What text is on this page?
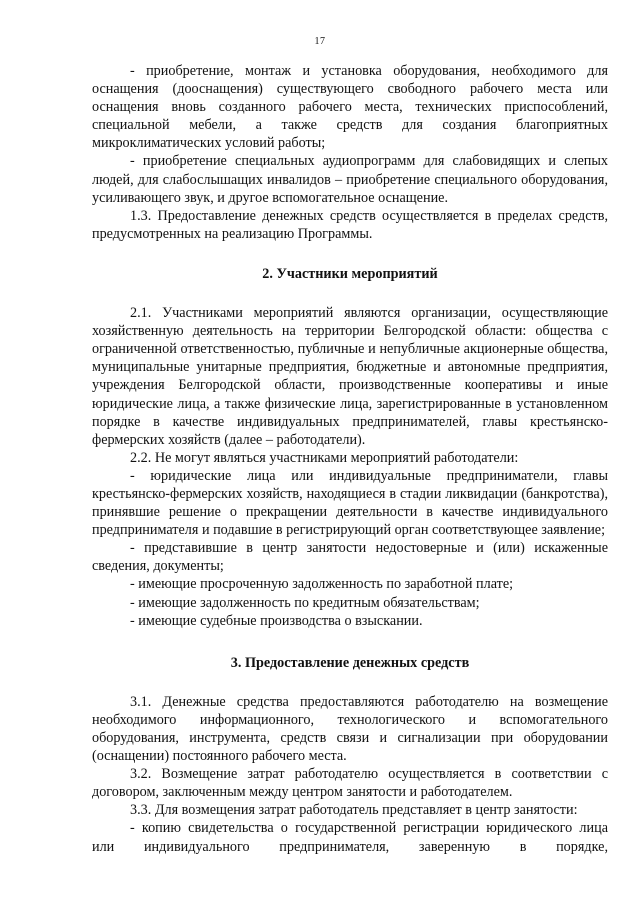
17

- приобретение, монтаж и установка оборудования, необходимого для оснащения (дооснащения) существующего свободного рабочего места или оснащения вновь созданного рабочего места, технических приспособлений, специальной мебели, а также средств для создания благоприятных микроклиматических условий работы;

- приобретение специальных аудиопрограмм для слабовидящих и слепых людей, для слабослышащих инвалидов – приобретение специального оборудования, усиливающего звук, и другое вспомогательное оснащение.

1.3. Предоставление денежных средств осуществляется в пределах средств, предусмотренных на реализацию Программы.

2. Участники мероприятий

2.1. Участниками мероприятий являются организации, осуществляющие хозяйственную деятельность на территории Белгородской области: общества с ограниченной ответственностью, публичные и непубличные акционерные общества, муниципальные унитарные предприятия, бюджетные и автономные предприятия, учреждения Белгородской области, производственные кооперативы и иные юридические лица, а также физические лица, зарегистрированные в установленном порядке в качестве индивидуальных предпринимателей, главы крестьянско-фермерских хозяйств (далее – работодатели).

2.2. Не могут являться участниками мероприятий работодатели:

- юридические лица или индивидуальные предприниматели, главы крестьянско-фермерских хозяйств, находящиеся в стадии ликвидации (банкротства), принявшие решение о прекращении деятельности в качестве индивидуального предпринимателя и подавшие в регистрирующий орган соответствующее заявление;

- представившие в центр занятости недостоверные и (или) искаженные сведения, документы;

- имеющие просроченную задолженность по заработной плате;

- имеющие задолженность по кредитным обязательствам;

- имеющие судебные производства о взыскании.

3. Предоставление денежных средств

3.1. Денежные средства предоставляются работодателю на возмещение необходимого информационного, технологического и вспомогательного оборудования, инструмента, средств связи и сигнализации при оборудовании (оснащении) постоянного рабочего места.

3.2. Возмещение затрат работодателю осуществляется в соответствии с договором, заключенным между центром занятости и работодателем.

3.3. Для возмещения затрат работодатель представляет в центр занятости:

- копию свидетельства о государственной регистрации юридического лица или индивидуального предпринимателя, заверенную в порядке,
